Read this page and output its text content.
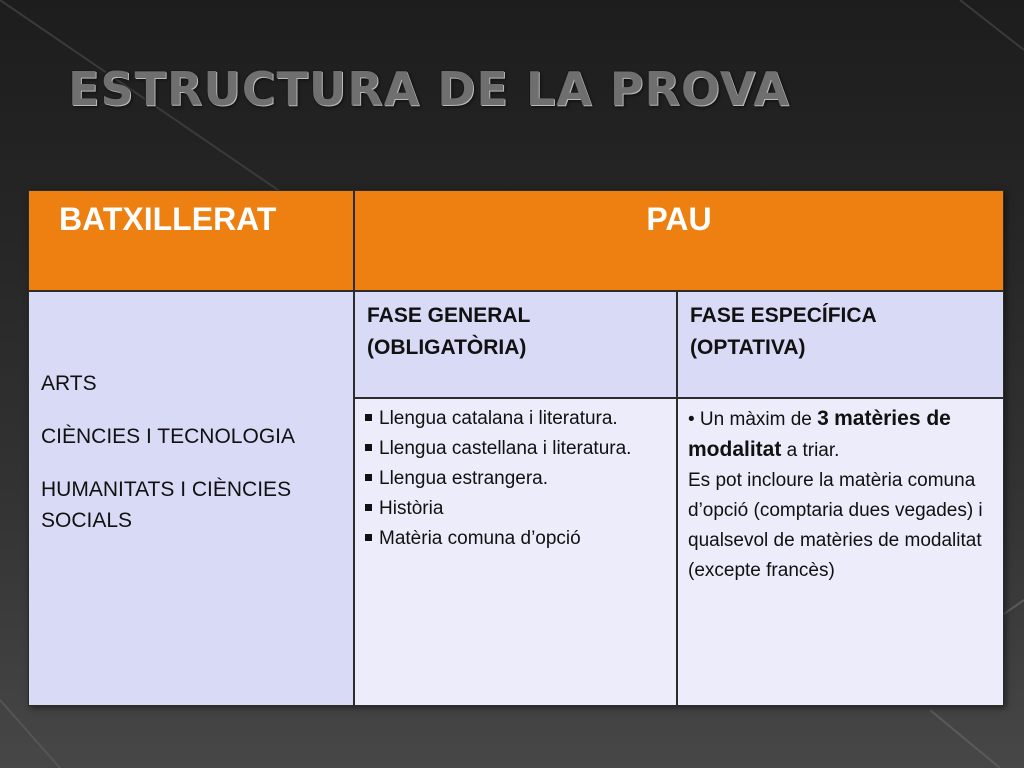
ESTRUCTURA DE LA PROVA
BATXILLERAT	PAU
ARTS
CIÈNCIES I TECNOLOGIA
HUMANITATS I CIÈNCIES SOCIALS
FASE GENERAL (OBLIGATÒRIA)
FASE ESPECÍFICA (OPTATIVA)
Llengua catalana i literatura.
Llengua castellana i literatura.
Llengua estrangera.
Història
Matèria comuna d’opció
• Un màxim de 3 matèries de modalitat a triar.
Es pot incloure la matèria comuna d’opció (comptaria dues vegades) i qualsevol de matèries de modalitat (excepte francès)
